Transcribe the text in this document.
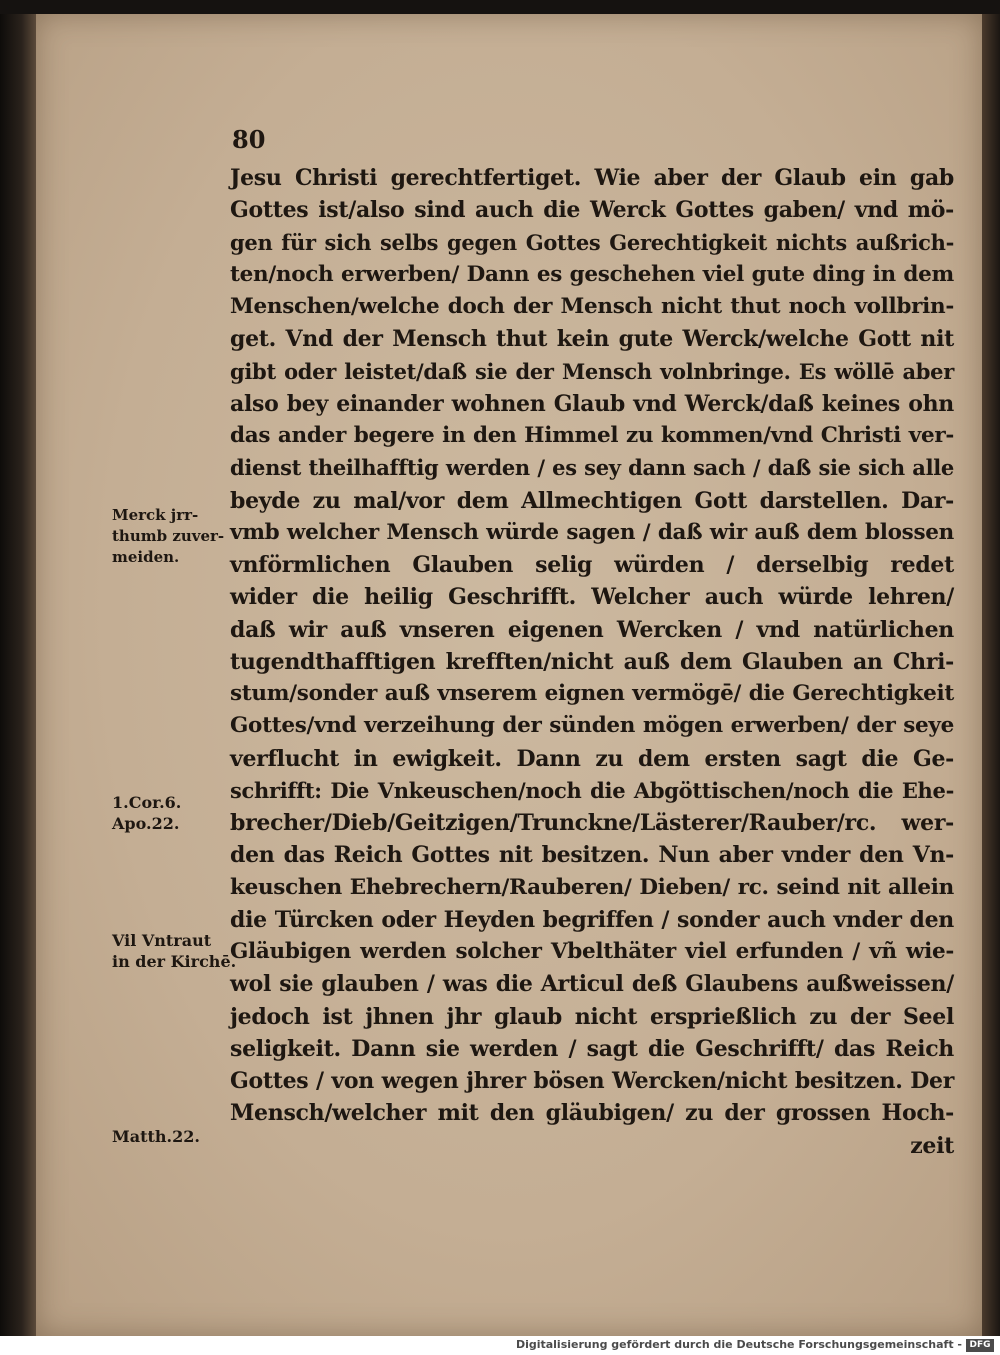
80
Jesu Christi gerechtfertiget. Wie aber der Glaub ein gab
Gottes ist/also sind auch die Werck Gottes gaben/ vnd mö-
gen für sich selbs gegen Gottes Gerechtigkeit nichts außrich-
ten/noch erwerben/ Dann es geschehen viel gute ding in dem
Menschen/welche doch der Mensch nicht thut noch vollbrin-
get. Vnd der Mensch thut kein gute Werck/welche Gott nit
gibt oder leistet/daß sie der Mensch volnbringe. Es wöllē aber
also bey einander wohnen Glaub vnd Werck/daß keines ohn
das ander begere in den Himmel zu kommen/vnd Christi ver-
dienst theilhafftig werden / es sey dann sach / daß sie sich alle
beyde zu mal/vor dem Allmechtigen Gott darstellen. Dar-
vmb welcher Mensch würde sagen / daß wir auß dem blossen
vnförmlichen Glauben selig würden / derselbig redet
wider die heilig Geschrifft. Welcher auch würde lehren/
daß wir auß vnseren eigenen Wercken / vnd natürlichen
tugendthafftigen krefften/nicht auß dem Glauben an Chri-
stum/sonder auß vnserem eignen vermögē/ die Gerechtigkeit
Gottes/vnd verzeihung der sünden mögen erwerben/ der seye
verflucht in ewigkeit. Dann zu dem ersten sagt die Ge-
schrifft: Die Vnkeuschen/noch die Abgöttischen/noch die Ehe-
brecher/Dieb/Geitzigen/Trunckne/Lästerer/Rauber/rc. wer-
den das Reich Gottes nit besitzen. Nun aber vnder den Vn-
keuschen Ehebrechern/Rauberen/ Dieben/ rc. seind nit allein
die Türcken oder Heyden begriffen / sonder auch vnder den
Gläubigen werden solcher Vbelthäter viel erfunden / vñ wie-
wol sie glauben / was die Articul deß Glaubens außweissen/
jedoch ist jhnen jhr glaub nicht ersprießlich zu der Seel
seligkeit. Dann sie werden / sagt die Geschrifft/ das Reich
Gottes / von wegen jhrer bösen Wercken/nicht besitzen. Der
Mensch/welcher mit den gläubigen/ zu der grossen Hoch-
zeit
Merck jrr-
thumb zuver-
meiden.
1.Cor.6.
Apo.22.
Vil Vntraut
in der Kirchē.
Matth.22.
Digitalisierung gefördert durch die Deutsche Forschungsgemeinschaft - DFG
